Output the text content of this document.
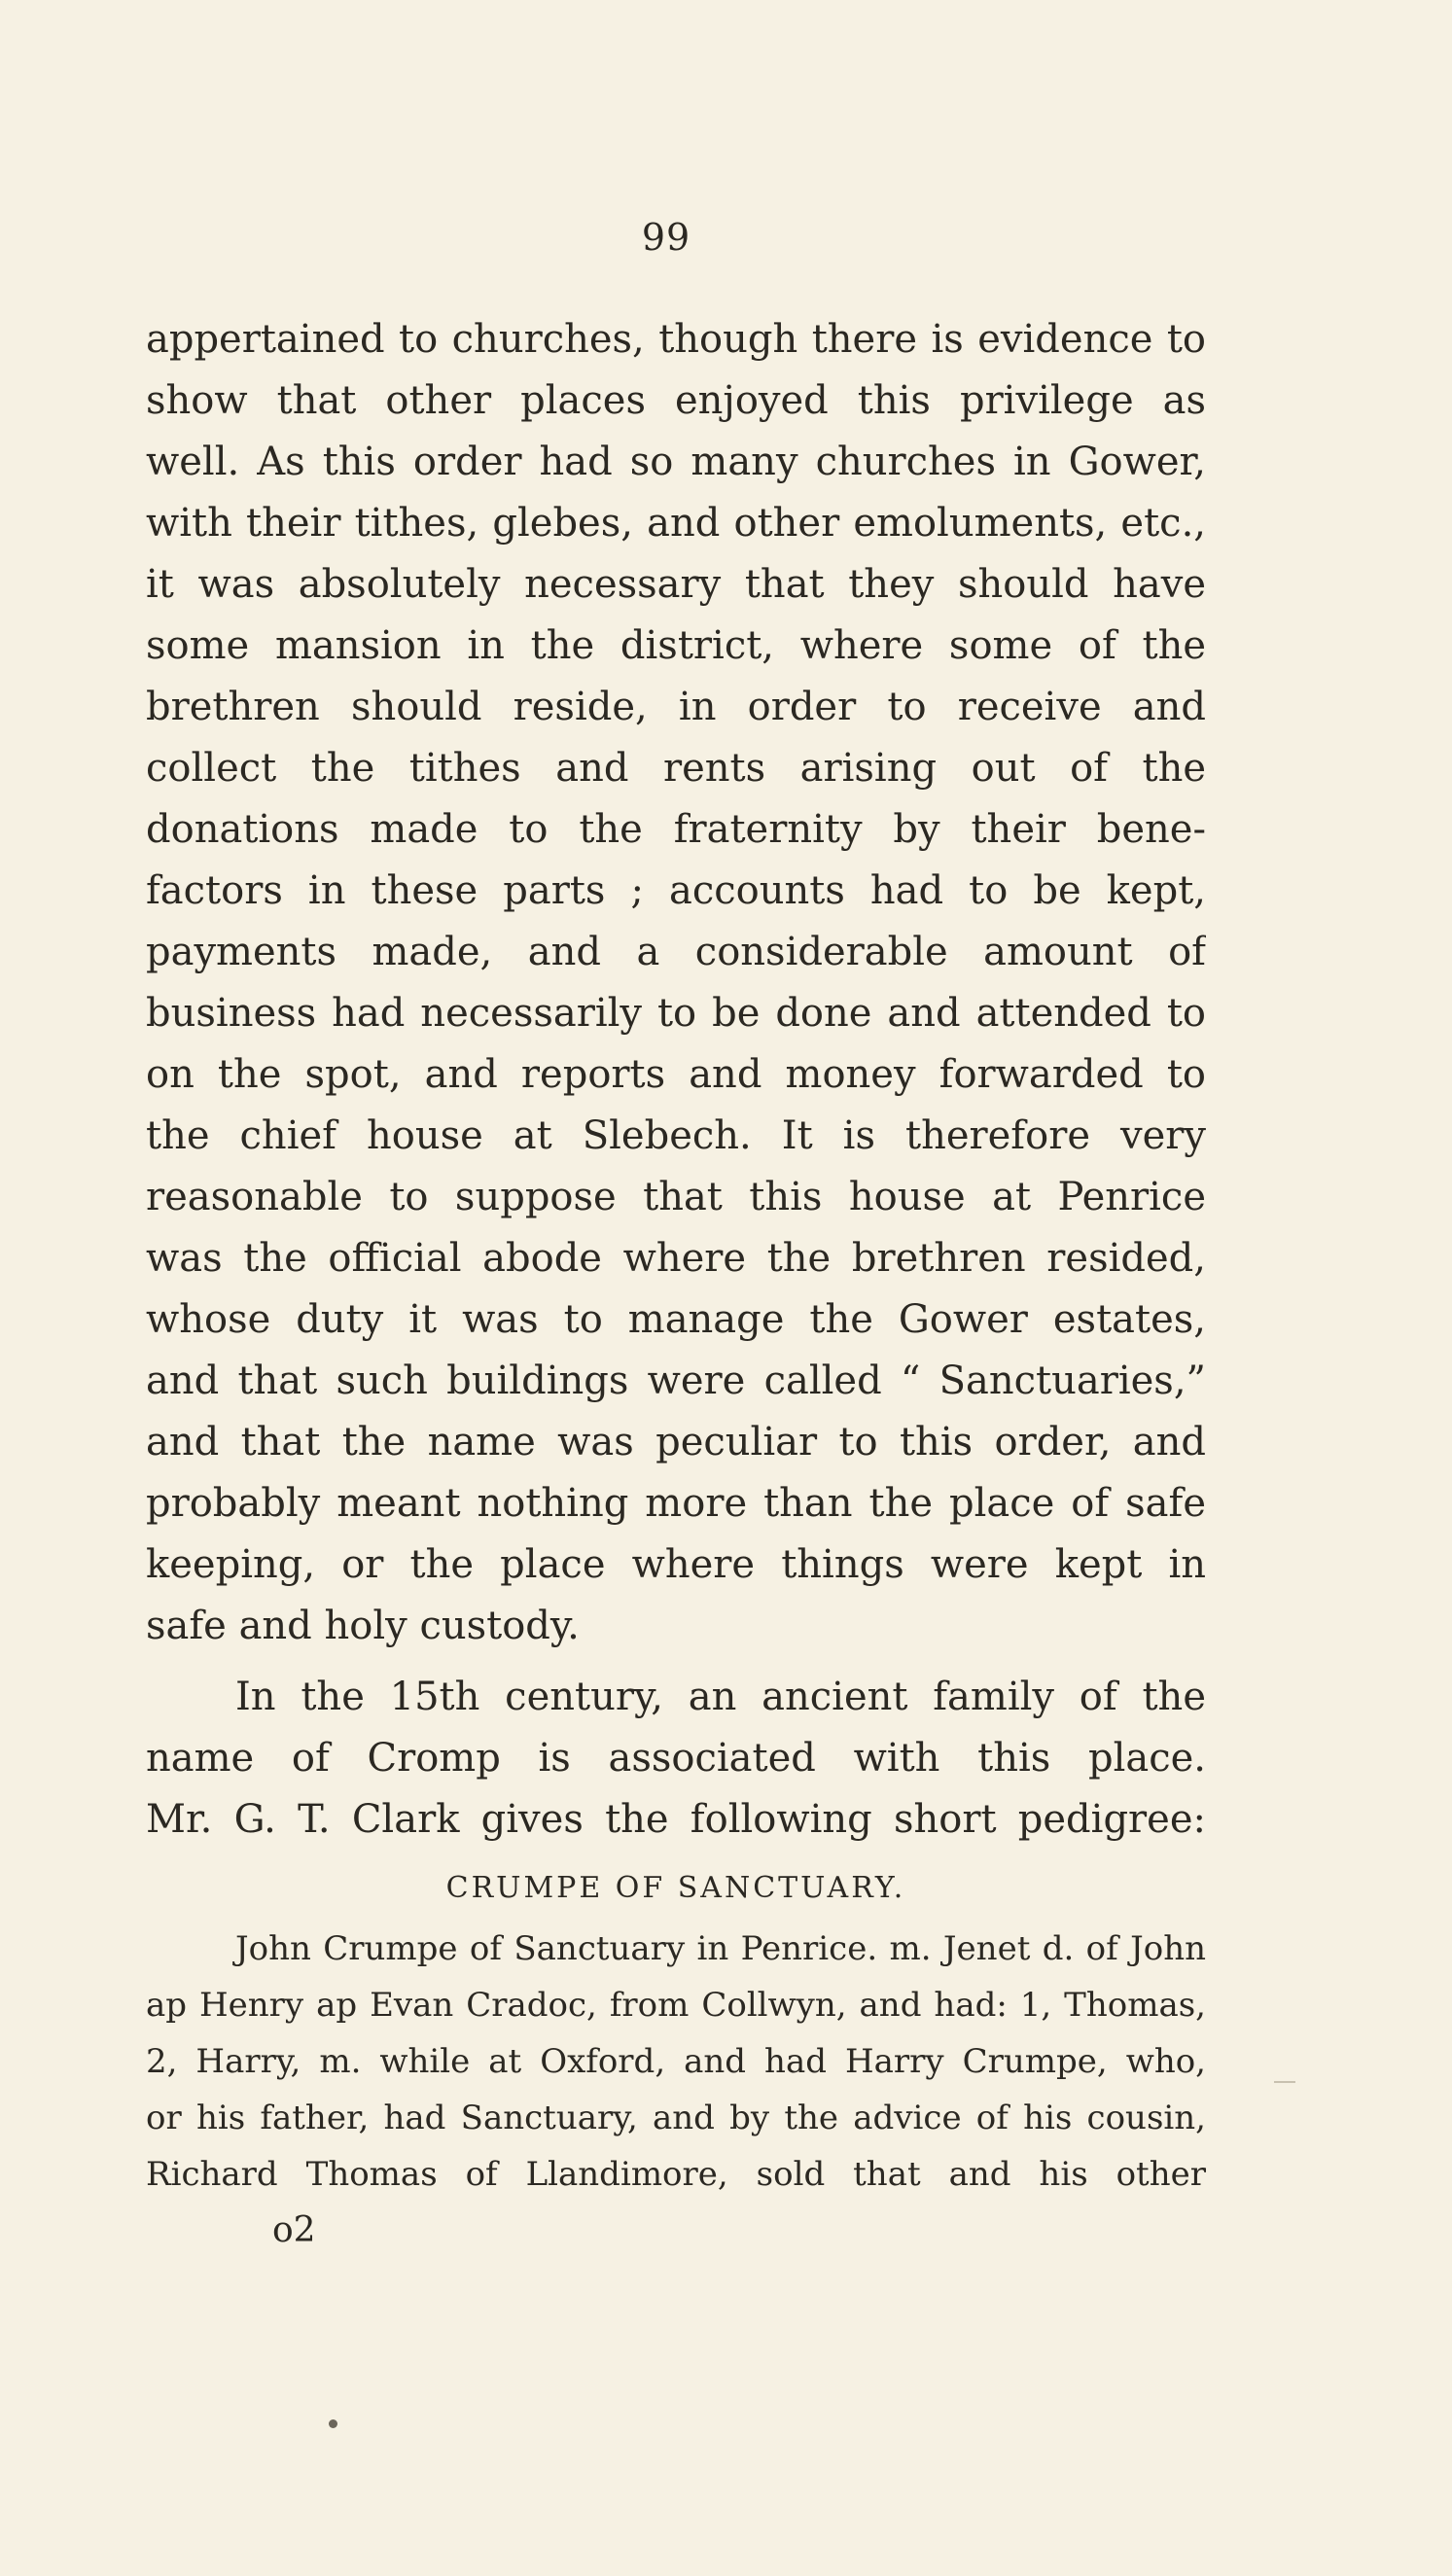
99
appertained to churches, though there is evidence to
show that other places enjoyed this privilege as
well. As this order had so many churches in Gower,
with their tithes, glebes, and other emoluments, etc.,
it was absolutely necessary that they should have
some mansion in the district, where some of the
brethren should reside, in order to receive and
collect the tithes and rents arising out of the
donations made to the fraternity by their bene-
factors in these parts ; accounts had to be kept,
payments made, and a considerable amount of
business had necessarily to be done and attended to
on the spot, and reports and money forwarded to
the chief house at Slebech. It is therefore very
reasonable to suppose that this house at Penrice
was the official abode where the brethren resided,
whose duty it was to manage the Gower estates,
and that such buildings were called “ Sanctuaries,”
and that the name was peculiar to this order, and
probably meant nothing more than the place of safe
keeping, or the place where things were kept in
safe and holy custody.
In the 15th century, an ancient family of the
name of Cromp is associated with this place.
Mr. G. T. Clark gives the following short pedigree:
CRUMPE OF SANCTUARY.
John Crumpe of Sanctuary in Penrice. m. Jenet d. of John
ap Henry ap Evan Cradoc, from Collwyn, and had: 1, Thomas,
2, Harry, m. while at Oxford, and had Harry Crumpe, who,
or his father, had Sanctuary, and by the advice of his cousin,
Richard Thomas of Llandimore, sold that and his other
o2
